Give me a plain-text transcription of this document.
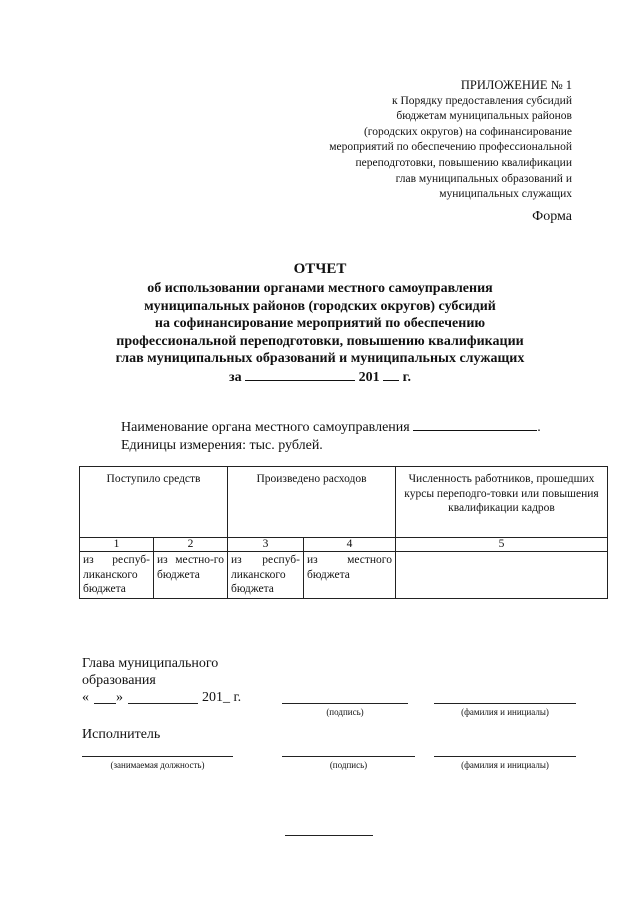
ПРИЛОЖЕНИЕ № 1
к Порядку предоставления субсидий
бюджетам муниципальных районов
(городских округов) на софинансирование
мероприятий по обеспечению профессиональной
переподготовки, повышению квалификации
глав муниципальных образований и
муниципальных служащих
Форма
ОТЧЕТ
об использовании органами местного самоуправления
муниципальных районов (городских округов) субсидий
на софинансирование мероприятий по обеспечению
профессиональной переподготовки, повышению квалификации
глав муниципальных образований и муниципальных служащих
за	201 г.
Наименование органа местного самоуправления	.
Единицы измерения: тыс. рублей.
Поступило средств		Произведено расходов		Численность работников, прошедших курсы переподго-товки или повышения квалификации кадров
1	2	3	4	5
из респуб-ликанского бюджета	из местно-го бюджета	из респуб-ликанского бюджета	из местного бюджета	
Глава муниципального
образования
« »	201_ г.
(подпись)	(фамилия и инициалы)
Исполнитель
(занимаемая должность)	(подпись)	(фамилия и инициалы)
